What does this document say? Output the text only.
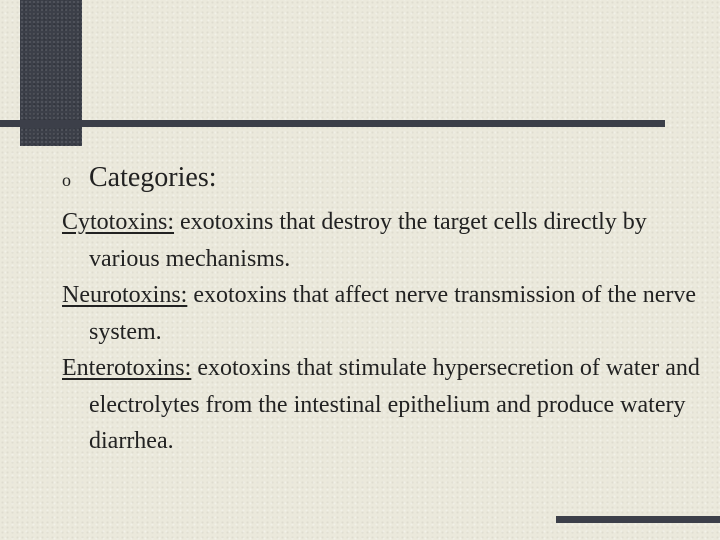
o Categories:

Cytotoxins: exotoxins that destroy the target cells directly by various mechanisms.

Neurotoxins: exotoxins that affect nerve transmission of the nerve system.

Enterotoxins: exotoxins that stimulate hypersecretion of water and electrolytes from the intestinal epithelium and produce watery diarrhea.
